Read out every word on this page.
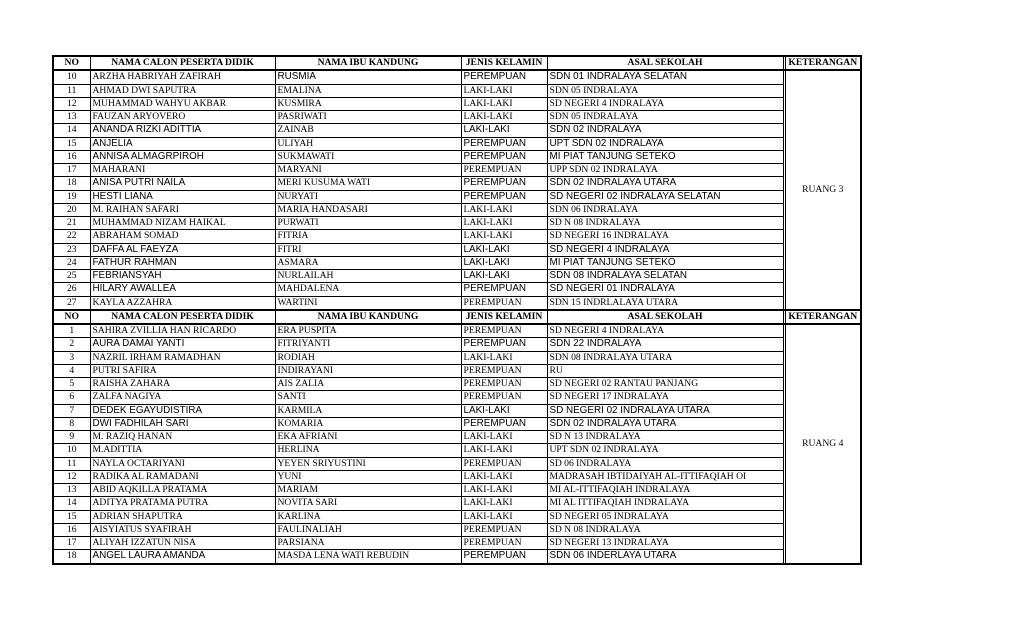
NO	NAMA CALON PESERTA DIDIK	NAMA IBU KANDUNG	JENIS KELAMIN	ASAL SEKOLAH		KETERANGAN
10	ARZHA HABRIYAH ZAFIRAH	RUSMIA	PEREMPUAN	SDN 01 INDRALAYA SELATAN		RUANG 3
11	AHMAD DWI SAPUTRA	EMALINA	LAKI-LAKI	SDN 05 INDRALAYA		
12	MUHAMMAD WAHYU AKBAR	KUSMIRA	LAKI-LAKI	SD NEGERI 4 INDRALAYA		
13	FAUZAN ARYOVERO	PASRIWATI	LAKI-LAKI	SDN 05 INDRALAYA		
14	ANANDA RIZKI ADITTIA	ZAINAB	LAKI-LAKI	SDN 02 INDRALAYA		
15	ANJELIA	ULIYAH	PEREMPUAN	UPT SDN 02 INDRALAYA		
16	ANNISA ALMAGRPIROH	SUKMAWATI	PEREMPUAN	MI PIAT TANJUNG SETEKO		
17	MAHARANI	MARYANI	PEREMPUAN	UPP SDN 02 INDRALAYA		
18	ANISA PUTRI NAILA	MERI KUSUMA WATI	PEREMPUAN	SDN 02 INDRALAYA UTARA		
19	HESTI LIANA	NURYATI	PEREMPUAN	SD NEGERI 02 INDRALAYA SELATAN		
20	M. RAIHAN SAFARI	MARIA HANDASARI	LAKI-LAKI	SDN 06 INDRALAYA		
21	MUHAMMAD NIZAM HAIKAL	PURWATI	LAKI-LAKI	SD N 08 INDRALAYA		
22	ABRAHAM SOMAD	FITRIA	LAKI-LAKI	SD NEGERI 16 INDRALAYA		
23	DAFFA AL FAEYZA	FITRI	LAKI-LAKI	SD NEGERI 4 INDRALAYA		
24	FATHUR RAHMAN	ASMARA	LAKI-LAKI	MI PIAT TANJUNG SETEKO		
25	FEBRIANSYAH	NURLAILAH	LAKI-LAKI	SDN 08 INDRALAYA SELATAN		
26	HILARY AWALLEA	MAHDALENA	PEREMPUAN	SD NEGERI 01 INDRALAYA		
27	KAYLA AZZAHRA	WARTINI	PEREMPUAN	SDN 15 INDRLALAYA UTARA		
NO	NAMA CALON PESERTA DIDIK	NAMA IBU KANDUNG	JENIS KELAMIN	ASAL SEKOLAH		KETERANGAN
1	SAHIRA ZVILLIA HAN RICARDO	ERA PUSPITA	PEREMPUAN	SD NEGERI 4 INDRALAYA		RUANG 4
2	AURA DAMAI YANTI	FITRIYANTI	PEREMPUAN	SDN 22 INDRALAYA		
3	NAZRIL IRHAM RAMADHAN	RODIAH	LAKI-LAKI	SDN 08 INDRALAYA UTARA		
4	PUTRI SAFIRA	INDIRAYANI	PEREMPUAN	RU		
5	RAISHA ZAHARA	AIS ZALIA	PEREMPUAN	SD NEGERI 02 RANTAU PANJANG		
6	ZALFA NAGIYA	SANTI	PEREMPUAN	SD NEGERI 17 INDRALAYA		
7	DEDEK EGAYUDISTIRA	KARMILA	LAKI-LAKI	SD NEGERI 02 INDRALAYA UTARA		
8	DWI FADHILAH SARI	KOMARIA	PEREMPUAN	SDN 02 INDRALAYA UTARA		
9	M. RAZIQ HANAN	EKA AFRIANI	LAKI-LAKI	SD N 13 INDRALAYA		
10	M.ADITTIA	HERLINA	LAKI-LAKI	UPT SDN 02 INDRALAYA		
11	NAYLA OCTARIYANI	YEYEN SRIYUSTINI	PEREMPUAN	SD 06 INDRALAYA		
12	RADIKA AL RAMADANI	YUNI	LAKI-LAKI	MADRASAH IBTIDAIYAH AL-ITTIFAQIAH OI		
13	ABID AQKILLA PRATAMA	MARIAM	LAKI-LAKI	MI AL-ITTIFAQIAH INDRALAYA		
14	ADITYA PRATAMA PUTRA	NOVITA SARI	LAKI-LAKI	MI AL ITTIFAQIAH INDRALAYA		
15	ADRIAN SHAPUTRA	KARLINA	LAKI-LAKI	SD NEGERI 05 INDRALAYA		
16	AISYIATUS SYAFIRAH	FAULINALIAH	PEREMPUAN	SD N 08 INDRALAYA		
17	ALIYAH IZZATUN NISA	PARSIANA	PEREMPUAN	SD NEGERI 13 INDRALAYA		
18	ANGEL LAURA AMANDA	MASDA LENA WATI REBUDIN	PEREMPUAN	SDN 06 INDERLAYA UTARA		
